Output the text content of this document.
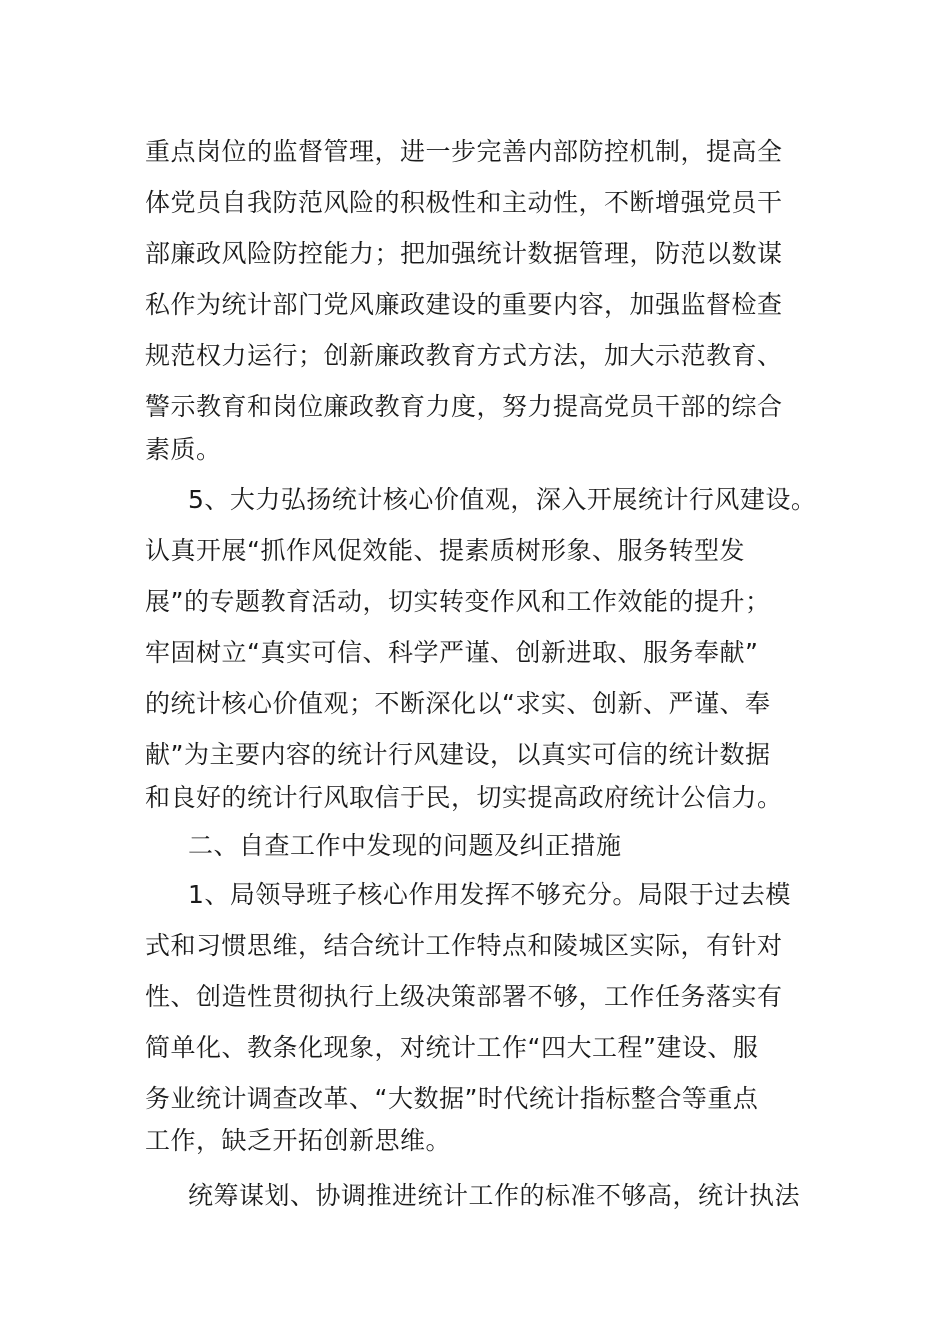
重点岗位的监督管理，进一步完善内部防控机制，提高全
体党员自我防范风险的积极性和主动性，不断增强党员干
部廉政风险防控能力；把加强统计数据管理，防范以数谋
私作为统计部门党风廉政建设的重要内容，加强监督检查
规范权力运行；创新廉政教育方式方法，加大示范教育、
警示教育和岗位廉政教育力度，努力提高党员干部的综合
素质。
5、大力弘扬统计核心价值观，深入开展统计行风建设。
认真开展“抓作风促效能、提素质树形象、服务转型发
展”的专题教育活动，切实转变作风和工作效能的提升；
牢固树立“真实可信、科学严谨、创新进取、服务奉献”
的统计核心价值观；不断深化以“求实、创新、严谨、奉
献”为主要内容的统计行风建设，以真实可信的统计数据
和良好的统计行风取信于民，切实提高政府统计公信力。
二、自查工作中发现的问题及纠正措施
1、局领导班子核心作用发挥不够充分。局限于过去模
式和习惯思维，结合统计工作特点和陵城区实际，有针对
性、创造性贯彻执行上级决策部署不够，工作任务落实有
简单化、教条化现象，对统计工作“四大工程”建设、服
务业统计调查改革、“大数据”时代统计指标整合等重点
工作，缺乏开拓创新思维。
统筹谋划、协调推进统计工作的标准不够高，统计执法
